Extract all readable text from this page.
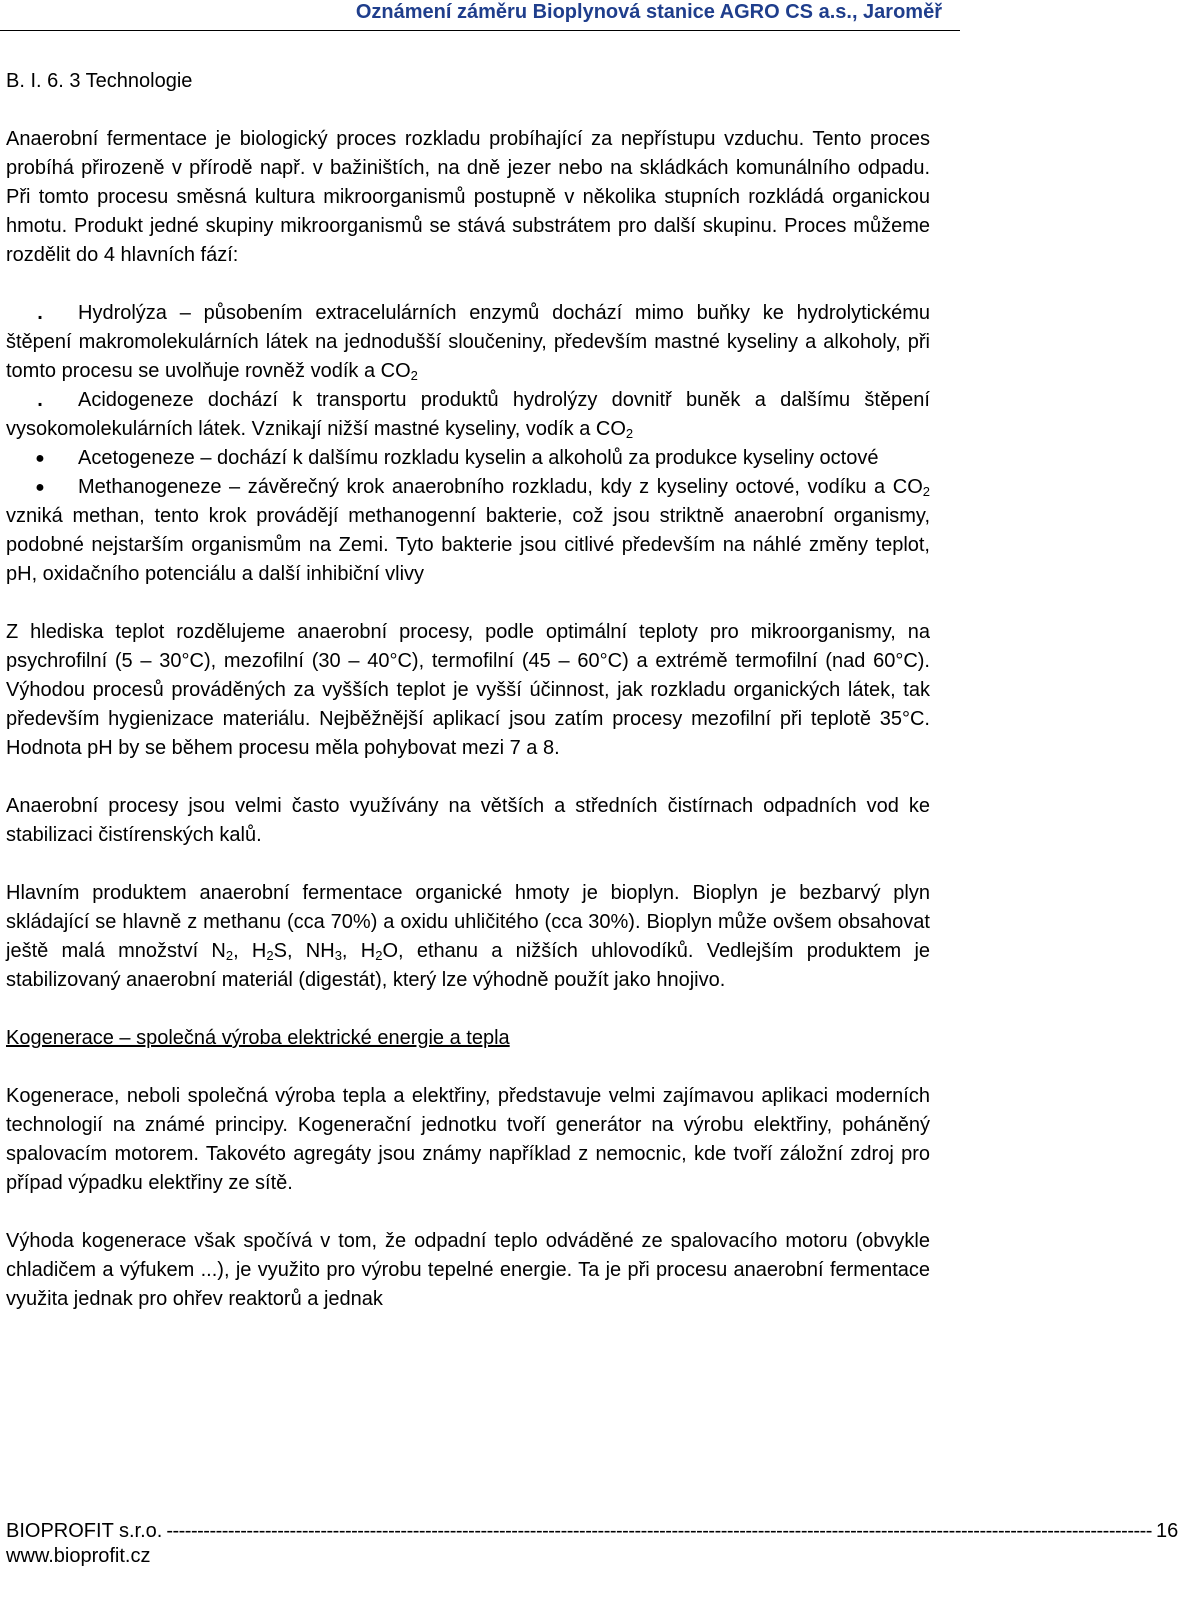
Oznámení záměru Bioplynová stanice AGRO CS a.s., Jaroměř
B. I. 6. 3 Technologie

Anaerobní fermentace je biologický proces rozkladu probíhající za nepřístupu vzduchu. Tento proces probíhá přirozeně v přírodě např. v bažiništích, na dně jezer nebo na skládkách komunálního odpadu. Při tomto procesu směsná kultura mikroorganismů postupně v několika stupních rozkládá organickou hmotu. Produkt jedné skupiny mikroorganismů se stává substrátem pro další skupinu. Proces můžeme rozdělit do 4 hlavních fází:

.	Hydrolýza – působením extracelulárních enzymů dochází mimo buňky ke hydrolytickému štěpení makromolekulárních látek na jednodušší sloučeniny, především mastné kyseliny a alkoholy, při tomto procesu se uvolňuje rovněž vodík a $CO_2$
.	Acidogeneze dochází k transportu produktů hydrolýzy dovnitř buněk a dalšímu štěpení vysokomolekulárních látek. Vznikají nižší mastné kyseliny, vodík a $CO_2$
● Acetogeneze – dochází k dalšímu rozkladu kyselin a alkoholů za produkce kyseliny octové
● Methanogeneze – závěrečný krok anaerobního rozkladu, kdy z kyseliny octové, vodíku a $CO_2$ vzniká methan, tento krok provádějí methanogenní bakterie, což jsou striktně anaerobní organismy, podobné nejstarším organismům na Zemi. Tyto bakterie jsou citlivé především na náhlé změny teplot, pH, oxidačního potenciálu a další inhibiční vlivy

Z hlediska teplot rozdělujeme anaerobní procesy, podle optimální teploty pro mikroorganismy, na psychrofilní (5 – 30°C), mezofilní (30 – 40°C), termofilní (45 – 60°C) a extrémě termofilní (nad 60°C). Výhodou procesů prováděných za vyšších teplot je vyšší účinnost, jak rozkladu organických látek, tak především hygienizace materiálu. Nejběžnější aplikací jsou zatím procesy mezofilní při teplotě 35°C. Hodnota pH by se během procesu měla pohybovat mezi 7 a 8.

Anaerobní procesy jsou velmi často využívány na větších a středních čistírnach odpadních vod ke stabilizaci čistírenských kalů.

Hlavním produktem anaerobní fermentace organické hmoty je bioplyn. Bioplyn je bezbarvý plyn skládající se hlavně z methanu (cca 70%) a oxidu uhličitého (cca 30%). Bioplyn může ovšem obsahovat ještě malá množství $N_2$, $H_2S$, $NH_3$, $H_2O$, ethanu a nižších uhlovodíků. Vedlejším produktem je stabilizovaný anaerobní materiál (digestát), který lze výhodně použít jako hnojivo.

Kogenerace – společná výroba elektrické energie a tepla

Kogenerace, neboli společná výroba tepla a elektřiny, představuje velmi zajímavou aplikaci moderních technologií na známé principy. Kogenerační jednotku tvoří generátor na výrobu elektřiny, poháněný spalovacím motorem. Takovéto agregáty jsou známy například z nemocnic, kde tvoří záložní zdroj pro případ výpadku elektřiny ze sítě.

Výhoda kogenerace však spočívá v tom, že odpadní teplo odváděné ze spalovacího motoru (obvykle chladičem a výfukem ...), je využito pro výrobu tepelné energie. Ta je při procesu anaerobní fermentace využita jednak pro ohřev reaktorů a jednak

BIOPROFIT s.r.o. ---------------------------------------------------------------------------------------------------------------------------------------------------------------- 16
www.bioprofit.cz
